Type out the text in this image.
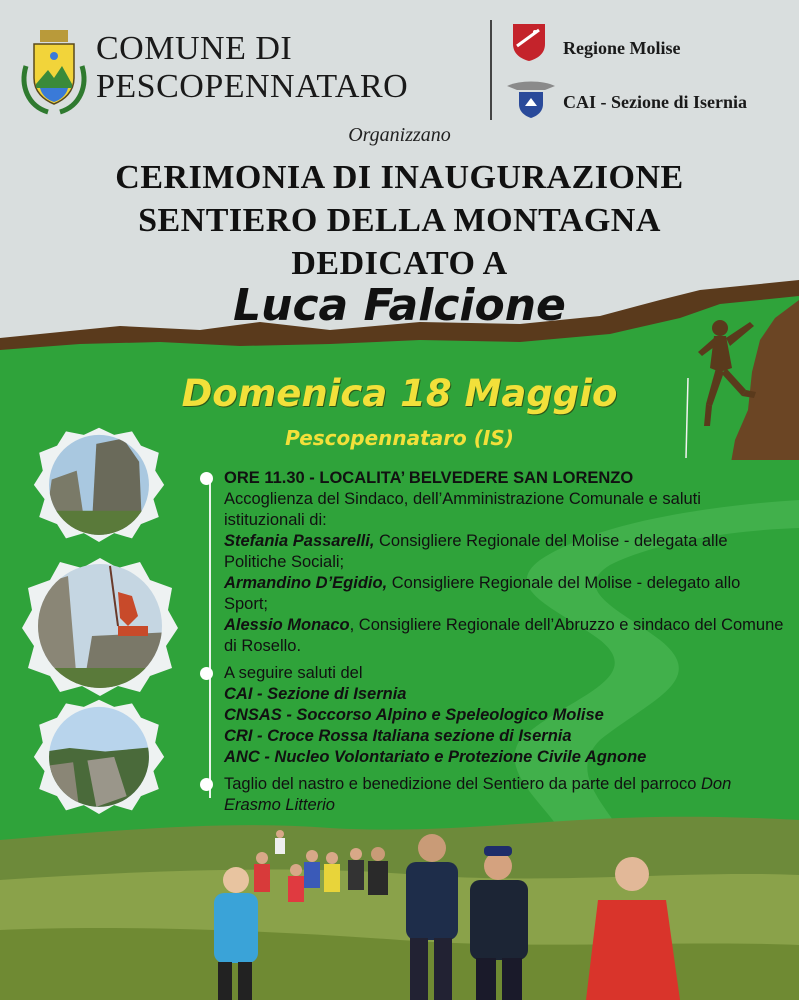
COMUNE DI
PESCOPENNATARO
Regione Molise
CAI - Sezione di Isernia
Organizzano
CERIMONIA DI INAUGURAZIONE
SENTIERO DELLA MONTAGNA
DEDICATO A
Luca Falcione
Domenica 18 Maggio
Pescopennataro (IS)
ORE 11.30 - LOCALITA’ BELVEDERE SAN LORENZO
Accoglienza del Sindaco, dell’Amministrazione Comunale e saluti istituzionali di:
Stefania Passarelli, Consigliere Regionale del Molise - delegata alle Politiche Sociali;
Armandino D’Egidio, Consigliere Regionale del Molise - delegato allo Sport;
Alessio Monaco, Consigliere Regionale dell’Abruzzo e sindaco del Comune di Rosello.
A seguire saluti del
CAI - Sezione di Isernia
CNSAS - Soccorso Alpino e Speleologico Molise
CRI - Croce Rossa Italiana sezione di Isernia
ANC - Nucleo Volontariato e Protezione Civile Agnone
Taglio del nastro e benedizione del Sentiero da parte del parroco Don Erasmo Litterio
